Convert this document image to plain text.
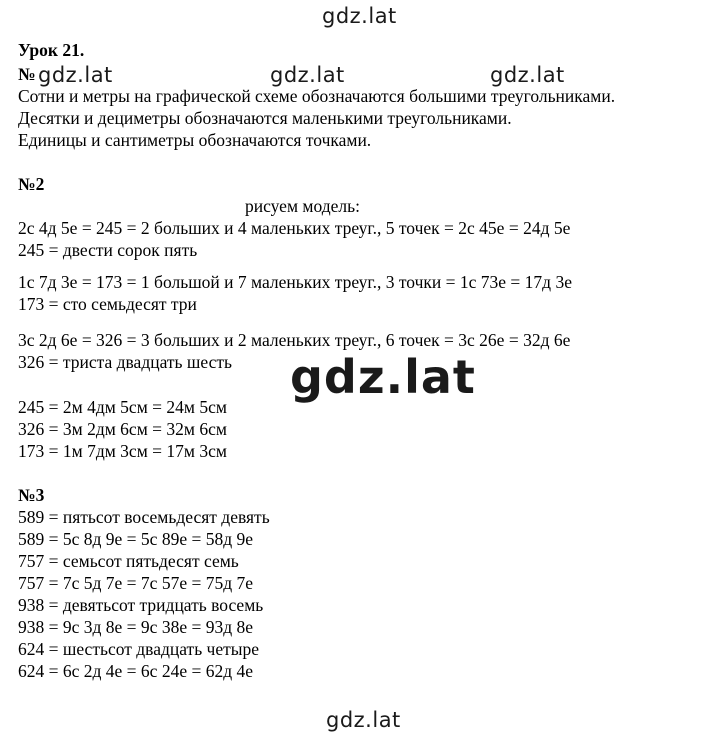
gdz.lat
gdz.lat	gdz.lat	gdz.lat
gdz.lat
gdz.lat
Урок 21.
№
Сотни и метры на графической схеме обозначаются большими треугольниками.
Десятки и дециметры обозначаются маленькими треугольниками.
Единицы и сантиметры обозначаются точками.
№2
рисуем модель:
2с 4д 5е = 245 = 2 больших и 4 маленьких треуг., 5 точек = 2с 45е = 24д 5е
245 = двести сорок пять
1с 7д 3е = 173 = 1 большой и 7 маленьких треуг., 3 точки = 1с 73е = 17д 3е
173 = сто семьдесят три
3с 2д 6е = 326 = 3 больших и 2 маленьких треуг., 6 точек = 3с 26е = 32д 6е
326 = триста двадцать шесть
245 = 2м 4дм 5см = 24м 5см
326 = 3м 2дм 6см = 32м 6см
173 = 1м 7дм 3см = 17м 3см
№3
589 = пятьсот восемьдесят девять
589 = 5с 8д 9е = 5с 89е = 58д 9е
757 = семьсот пятьдесят семь
757 = 7с 5д 7е = 7с 57е = 75д 7е
938 = девятьсот тридцать восемь
938 = 9с 3д 8е = 9с 38е = 93д 8е
624 = шестьсот двадцать четыре
624 = 6с 2д 4е = 6с 24е = 62д 4е
